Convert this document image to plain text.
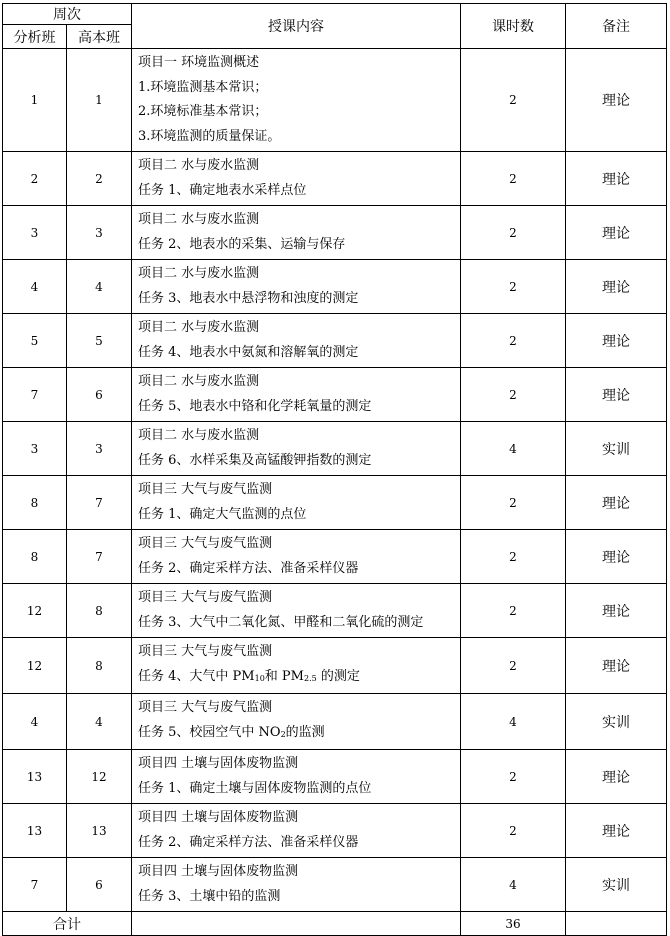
周次		授课内容	课时数	备注
分析班	高本班			
1	1	项目一 环境监测概述
1.环境监测基本常识；
2.环境标准基本常识；
3.环境监测的质量保证。	2	理论
2	2	项目二 水与废水监测
任务 1、确定地表水采样点位	2	理论
3	3	项目二 水与废水监测
任务 2、地表水的采集、运输与保存	2	理论
4	4	项目二 水与废水监测
任务 3、地表水中悬浮物和浊度的测定	2	理论
5	5	项目二 水与废水监测
任务 4、地表水中氨氮和溶解氧的测定	2	理论
7	6	项目二 水与废水监测
任务 5、地表水中铬和化学耗氧量的测定	2	理论
3	3	项目二 水与废水监测
任务 6、水样采集及高锰酸钾指数的测定	4	实训
8	7	项目三 大气与废气监测
任务 1、确定大气监测的点位	2	理论
8	7	项目三 大气与废气监测
任务 2、确定采样方法、准备采样仪器	2	理论
12	8	项目三 大气与废气监测
任务 3、大气中二氧化氮、甲醛和二氧化硫的测定	2	理论
12	8	项目三 大气与废气监测
任务 4、大气中 $PM_{10}$和 $PM_{2.5}$ 的测定	2	理论
4	4	项目三 大气与废气监测
任务 5、校园空气中 $NO_2$的监测	4	实训
13	12	项目四 土壤与固体废物监测
任务 1、确定土壤与固体废物监测的点位	2	理论
13	13	项目四 土壤与固体废物监测
任务 2、确定采样方法、准备采样仪器	2	理论
7	6	项目四 土壤与固体废物监测
任务 3、土壤中铅的监测	4	实训
合计			36	
